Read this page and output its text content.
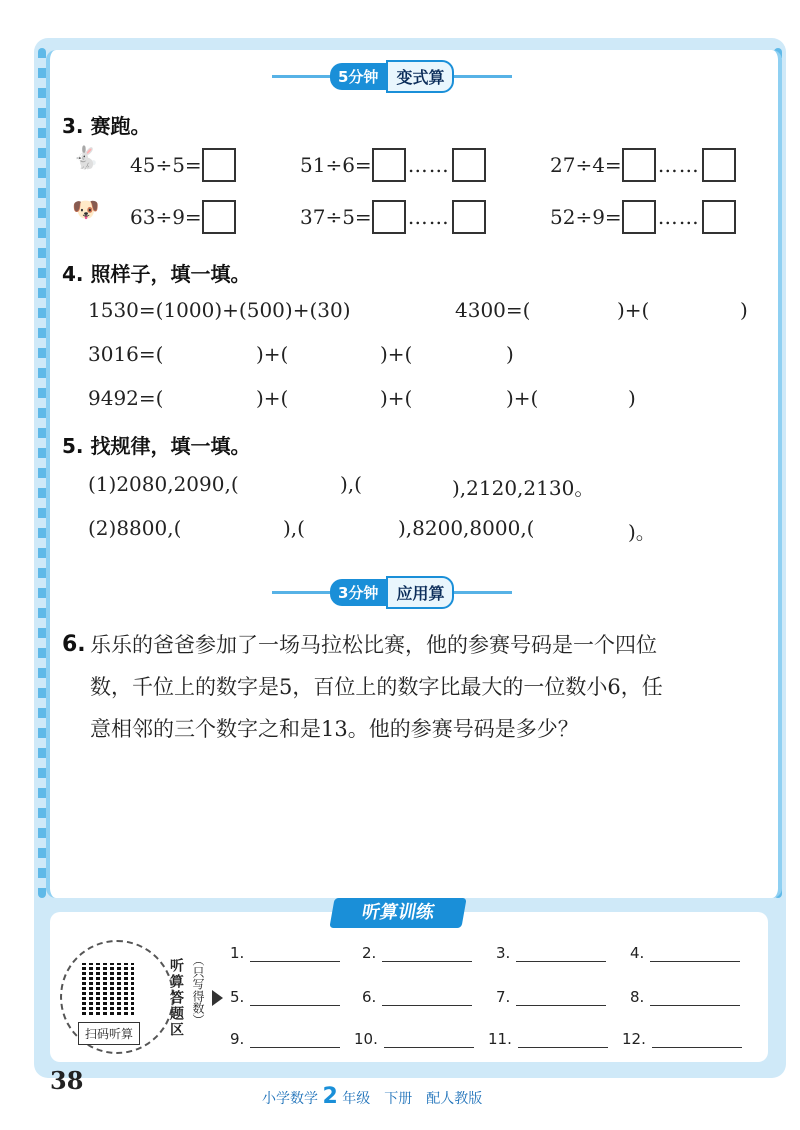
5分钟	变式算
3. 赛跑。
🐇
🐶
45÷5=	51÷6= ……	27÷4= ……
63÷9=	37÷5= ……	52÷9= ……
4. 照样子，填一填。
1530=(1000)+(500)+(30)	4300=(	)+(	)
3016=(	)+(	)+(	)
9492=(	)+(	)+(	)+(	)
5. 找规律，填一填。
(1)2080,2090,(	),(	),2120,2130。
(2)8800,(	),(	),8200,8000,(	)。
3分钟	应用算
6. 乐乐的爸爸参加了一场马拉松比赛，他的参赛号码是一个四位
数，千位上的数字是5，百位上的数字比最大的一位数小6，任
意相邻的三个数字之和是13。他的参赛号码是多少？
听算训练
扫码听算	听算答题区 （只写得数）
1.	2.	3.	4.
5.	6.	7.	8.
9.	10.	11.	12.
38
小学数学 2 年级　下册　配人教版
